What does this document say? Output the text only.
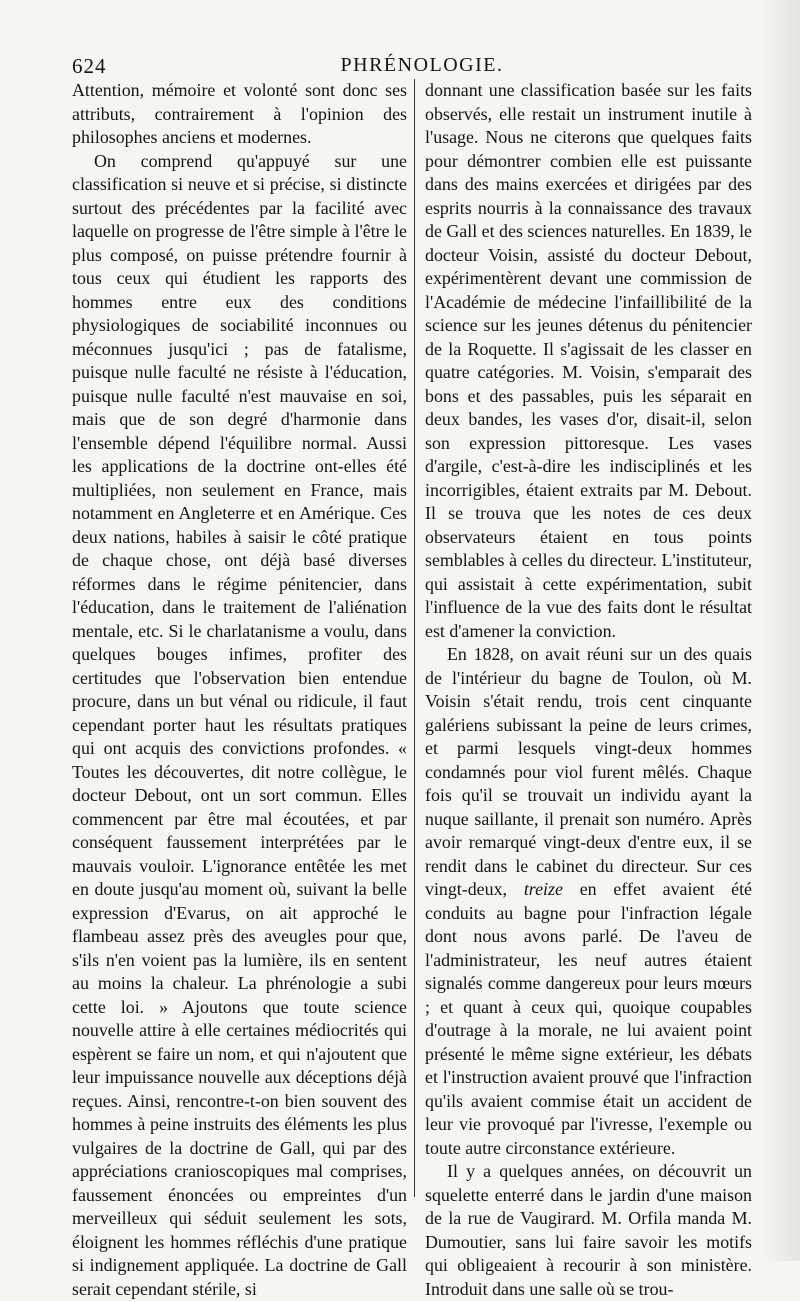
624	PHRÉNOLOGIE.

Attention, mémoire et volonté sont donc ses attributs, contrairement à l'opinion des philosophes anciens et modernes.

On comprend qu'appuyé sur une classification si neuve et si précise, si distincte surtout des précédentes par la facilité avec laquelle on progresse de l'être simple à l'être le plus composé, on puisse prétendre fournir à tous ceux qui étudient les rapports des hommes entre eux des conditions physiologiques de sociabilité inconnues ou méconnues jusqu'ici ; pas de fatalisme, puisque nulle faculté ne résiste à l'éducation, puisque nulle faculté n'est mauvaise en soi, mais que de son degré d'harmonie dans l'ensemble dépend l'équilibre normal. Aussi les applications de la doctrine ont-elles été multipliées, non seulement en France, mais notamment en Angleterre et en Amérique. Ces deux nations, habiles à saisir le côté pratique de chaque chose, ont déjà basé diverses réformes dans le régime pénitencier, dans l'éducation, dans le traitement de l'aliénation mentale, etc. Si le charlatanisme a voulu, dans quelques bouges infimes, profiter des certitudes que l'observation bien entendue procure, dans un but vénal ou ridicule, il faut cependant porter haut les résultats pratiques qui ont acquis des convictions profondes. « Toutes les découvertes, dit notre collègue, le docteur Debout, ont un sort commun. Elles commencent par être mal écoutées, et par conséquent faussement interprétées par le mauvais vouloir. L'ignorance entêtée les met en doute jusqu'au moment où, suivant la belle expression d'Evarus, on ait approché le flambeau assez près des aveugles pour que, s'ils n'en voient pas la lumière, ils en sentent au moins la chaleur. La phrénologie a subi cette loi. » Ajoutons que toute science nouvelle attire à elle certaines médiocrités qui espèrent se faire un nom, et qui n'ajoutent que leur impuissance nouvelle aux déceptions déjà reçues. Ainsi, rencontre-t-on bien souvent des hommes à peine instruits des éléments les plus vulgaires de la doctrine de Gall, qui par des appréciations cranioscopiques mal comprises, faussement énoncées ou empreintes d'un merveilleux qui séduit seulement les sots, éloignent les hommes réfléchis d'une pratique si indignement appliquée. La doctrine de Gall serait cependant stérile, si

donnant une classification basée sur les faits observés, elle restait un instrument inutile à l'usage. Nous ne citerons que quelques faits pour démontrer combien elle est puissante dans des mains exercées et dirigées par des esprits nourris à la connaissance des travaux de Gall et des sciences naturelles. En 1839, le docteur Voisin, assisté du docteur Debout, expérimentèrent devant une commission de l'Académie de médecine l'infaillibilité de la science sur les jeunes détenus du pénitencier de la Roquette. Il s'agissait de les classer en quatre catégories. M. Voisin, s'emparait des bons et des passables, puis les séparait en deux bandes, les vases d'or, disait-il, selon son expression pittoresque. Les vases d'argile, c'est-à-dire les indisciplinés et les incorrigibles, étaient extraits par M. Debout. Il se trouva que les notes de ces deux observateurs étaient en tous points semblables à celles du directeur. L'instituteur, qui assistait à cette expérimentation, subit l'influence de la vue des faits dont le résultat est d'amener la conviction.

En 1828, on avait réuni sur un des quais de l'intérieur du bagne de Toulon, où M. Voisin s'était rendu, trois cent cinquante galériens subissant la peine de leurs crimes, et parmi lesquels vingt-deux hommes condamnés pour viol furent mêlés. Chaque fois qu'il se trouvait un individu ayant la nuque saillante, il prenait son numéro. Après avoir remarqué vingt-deux d'entre eux, il se rendit dans le cabinet du directeur. Sur ces vingt-deux, treize en effet avaient été conduits au bagne pour l'infraction légale dont nous avons parlé. De l'aveu de l'administrateur, les neuf autres étaient signalés comme dangereux pour leurs mœurs ; et quant à ceux qui, quoique coupables d'outrage à la morale, ne lui avaient point présenté le même signe extérieur, les débats et l'instruction avaient prouvé que l'infraction qu'ils avaient commise était un accident de leur vie provoqué par l'ivresse, l'exemple ou toute autre circonstance extérieure.

Il y a quelques années, on découvrit un squelette enterré dans le jardin d'une maison de la rue de Vaugirard. M. Orfila manda M. Dumoutier, sans lui faire savoir les motifs qui obligeaient à recourir à son ministère. Introduit dans une salle où se trou-
